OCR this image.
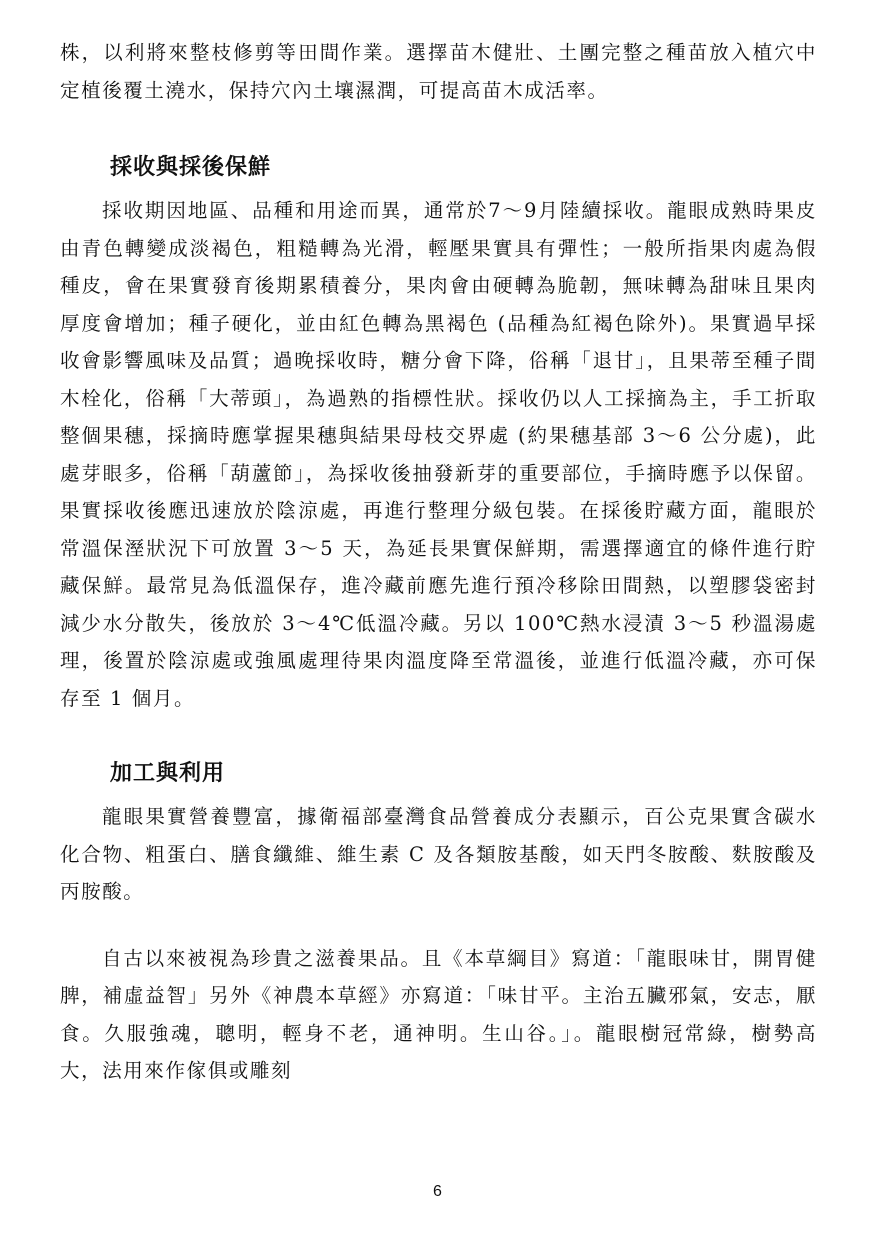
株，以利將來整枝修剪等田間作業。選擇苗木健壯、土團完整之種苗放入植穴中定植後覆土澆水，保持穴內土壤濕潤，可提高苗木成活率。

採收與採後保鮮

採收期因地區、品種和用途而異，通常於7～9月陸續採收。龍眼成熟時果皮由青色轉變成淡褐色，粗糙轉為光滑，輕壓果實具有彈性；一般所指果肉處為假種皮，會在果實發育後期累積養分，果肉會由硬轉為脆韌，無味轉為甜味且果肉厚度會增加；種子硬化，並由紅色轉為黑褐色 (品種為紅褐色除外)。果實過早採收會影響風味及品質；過晚採收時，糖分會下降，俗稱「退甘」，且果蒂至種子間木栓化，俗稱「大蒂頭」，為過熟的指標性狀。採收仍以人工採摘為主，手工折取整個果穗，採摘時應掌握果穗與結果母枝交界處 (約果穗基部 3～6 公分處)，此處芽眼多，俗稱「葫蘆節」，為採收後抽發新芽的重要部位，手摘時應予以保留。果實採收後應迅速放於陰涼處，再進行整理分級包裝。在採後貯藏方面，龍眼於常溫保溼狀況下可放置 3～5 天，為延長果實保鮮期，需選擇適宜的條件進行貯藏保鮮。最常見為低溫保存，進冷藏前應先進行預冷移除田間熱，以塑膠袋密封減少水分散失，後放於 3～4℃低溫冷藏。另以 100℃熱水浸漬 3～5 秒溫湯處理，後置於陰涼處或強風處理待果肉溫度降至常溫後，並進行低溫冷藏，亦可保存至 1 個月。

加工與利用

龍眼果實營養豐富，據衛福部臺灣食品營養成分表顯示，百公克果實含碳水化合物、粗蛋白、膳食纖維、維生素 C 及各類胺基酸，如天門冬胺酸、麩胺酸及丙胺酸。

自古以來被視為珍貴之滋養果品。且《本草綱目》寫道：「龍眼味甘，開胃健脾，補虛益智」另外《神農本草經》亦寫道：「味甘平。主治五臟邪氣，安志，厭食。久服強魂，聰明，輕身不老，通神明。生山谷。」。龍眼樹冠常綠，樹勢高大，法用來作傢俱或雕刻

6
